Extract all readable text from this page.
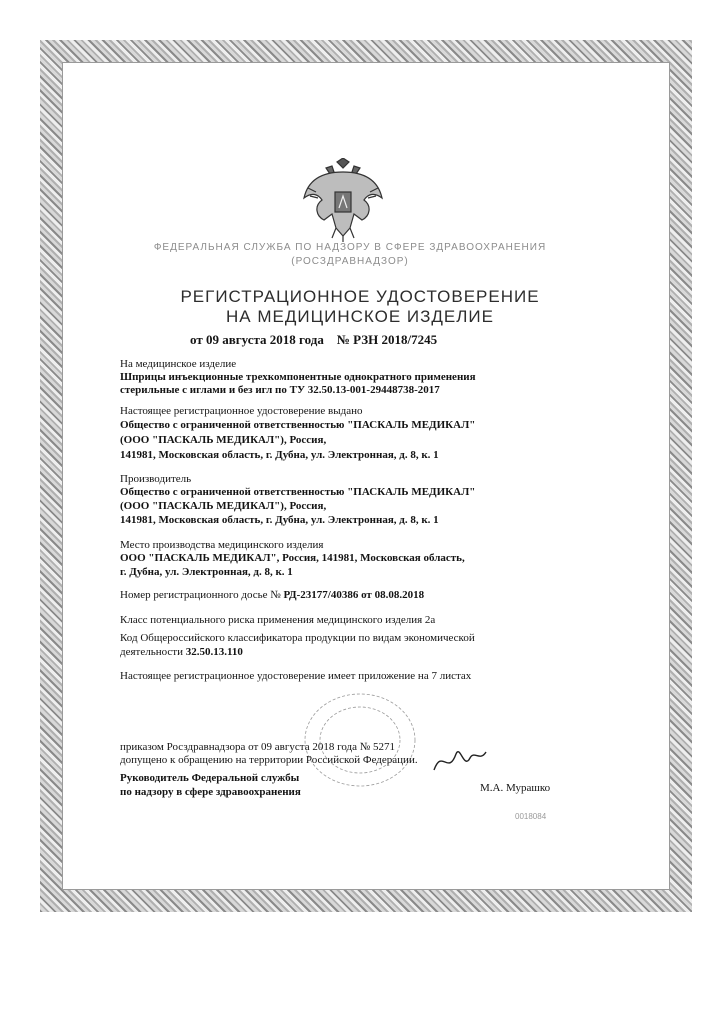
ФЕДЕРАЛЬНАЯ СЛУЖБА ПО НАДЗОРУ В СФЕРЕ ЗДРАВООХРАНЕНИЯ
(РОСЗДРАВНАДЗОР)
РЕГИСТРАЦИОННОЕ УДОСТОВЕРЕНИЕ
НА МЕДИЦИНСКОЕ ИЗДЕЛИЕ
от 09 августа 2018 года № РЗН 2018/7245
На медицинское изделие
Шприцы инъекционные трехкомпонентные однократного применения
стерильные с иглами и без игл по ТУ 32.50.13-001-29448738-2017
Настоящее регистрационное удостоверение выдано
Общество с ограниченной ответственностью "ПАСКАЛЬ МЕДИКАЛ"
(ООО "ПАСКАЛЬ МЕДИКАЛ"), Россия,
141981, Московская область, г. Дубна, ул. Электронная, д. 8, к. 1
Производитель
Общество с ограниченной ответственностью "ПАСКАЛЬ МЕДИКАЛ"
(ООО "ПАСКАЛЬ МЕДИКАЛ"), Россия,
141981, Московская область, г. Дубна, ул. Электронная, д. 8, к. 1
Место производства медицинского изделия
ООО "ПАСКАЛЬ МЕДИКАЛ", Россия, 141981, Московская область,
г. Дубна, ул. Электронная, д. 8, к. 1
Номер регистрационного досье № РД-23177/40386 от 08.08.2018
Класс потенциального риска применения медицинского изделия 2а
Код Общероссийского классификатора продукции по видам экономической
деятельности 32.50.13.110
Настоящее регистрационное удостоверение имеет приложение на 7 листах
приказом Росздравнадзора от 09 августа 2018 года № 5271
допущено к обращению на территории Российской Федерации.
Руководитель Федеральной службы
по надзору в сфере здравоохранения	М.А. Мурашко
0018084
